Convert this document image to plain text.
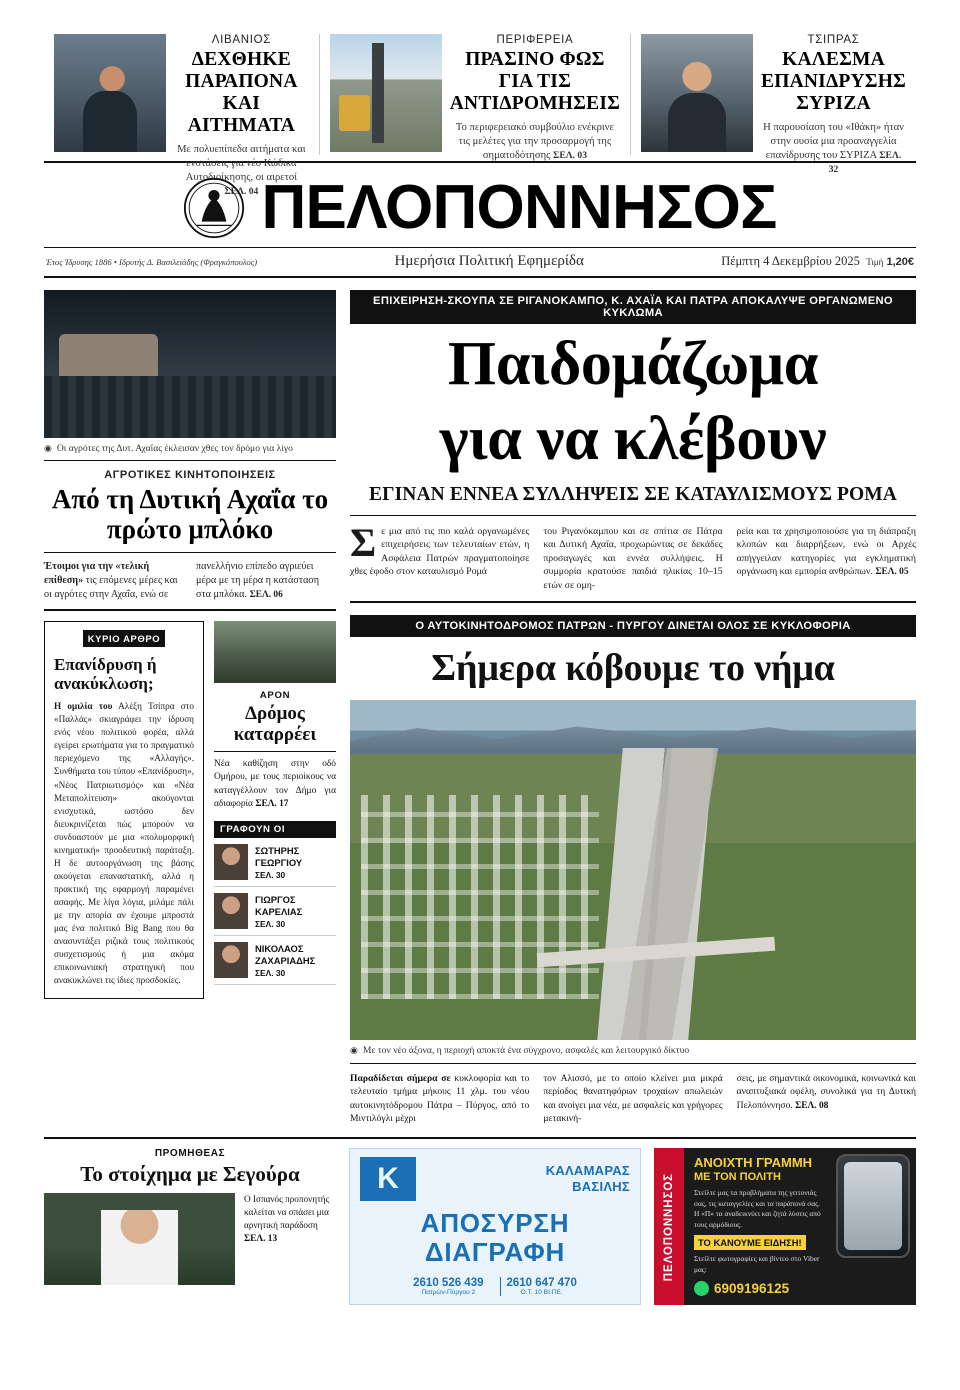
ΛΙΒΑΝΙΟΣ
ΔΕΧΘΗΚΕ ΠΑΡΑΠΟΝΑ ΚΑΙ ΑΙΤΗΜΑΤΑ
Με πολυεπίπεδα αιτήματα και ενστάσεις για νέο Κώδικα Αυτοδιοίκησης, οι αιρετοί ΣΕΛ. 04
ΠΕΡΙΦΕΡΕΙΑ
ΠΡΑΣΙΝΟ ΦΩΣ ΓΙΑ ΤΙΣ ΑΝΤΙΔΡΟΜΗΣΕΙΣ
Το περιφερειακό συμβούλιο ενέκρινε τις μελέτες για την προσαρμογή της σηματοδότησης ΣΕΛ. 03
ΤΣΙΠΡΑΣ
ΚΑΛΕΣΜΑ ΕΠΑΝΙΔΡΥΣΗΣ ΣΥΡΙΖΑ
Η παρουσίαση του «Ιθάκη» ήταν στην ουσία μια προαναγγελία επανίδρυσης του ΣΥΡΙΖΑ ΣΕΛ. 32
ΠΕΛΟΠΟΝΝΗΣΟΣ
Έτος Ίδρυσης 1886 • Ιδρυτής Δ. Βασιλειάδης (Φραγκόπουλος)	Ημερήσια Πολιτική Εφημερίδα	Πέμπτη 4 Δεκεμβρίου 2025 Τιμή 1,20€
◉ Οι αγρότες της Δυτ. Αχαΐας έκλεισαν χθες τον δρόμο για λίγο
ΑΓΡΟΤΙΚΕΣ ΚΙΝΗΤΟΠΟΙΗΣΕΙΣ
Από τη Δυτική Αχαΐα το πρώτο μπλόκο
Έτοιμοι για την «τελική επίθεση» τις επόμενες μέρες και οι αγρότες στην Αχαΐα, ενώ σε
πανελλήνιο επίπεδο αγριεύει μέρα με τη μέρα η κατάσταση στα μπλόκα. ΣΕΛ. 06
ΚΥΡΙΟ ΑΡΘΡΟ
Επανίδρυση ή ανακύκλωση;
Η ομιλία του Αλέξη Τσίπρα στο «Παλλάς» σκιαγράφει την ίδρυση ενός νέου πολιτικού φορέα, αλλά εγείρει ερωτήματα για το πραγματικό περιεχόμενο της «Αλλαγής». Συνθήματα του τύπου «Επανίδρυση», «Νέος Πατριωτισμός» και «Νέα Μεταπολίτευση» ακούγονται ενισχυτικά, ωστόσο δεν διευκρινίζεται πώς μπορούν να συνδυαστούν με μια «πολυμορφική κινηματική» προοδευτική παράταξη. Η δε αυτοοργάνωση της βάσης ακούγεται επαναστατική, αλλά η πρακτική της εφαρμογή παραμένει ασαφής. Με λίγα λόγια, μιλάμε πάλι με την απορία αν έχουμε μπροστά μας ένα πολιτικό Big Bang που θα ανασυντάξει ριζικά τους πολιτικούς συσχετισμούς ή μια ακόμα επικοινωνιακή στρατηγική που ανακυκλώνει τις ίδιες προσδοκίες.
ΑΡΟΝ
Δρόμος καταρρέει
Νέα καθίζηση στην οδό Ομήρου, με τους περιοίκους να καταγγέλλουν τον Δήμο για αδιαφορία ΣΕΛ. 17
ΓΡΑΦΟΥΝ ΟΙ
ΣΩΤΗΡΗΣ ΓΕΩΡΓΙΟΥ
ΣΕΛ. 30
ΓΙΩΡΓΟΣ ΚΑΡΕΛΙΑΣ
ΣΕΛ. 30
ΝΙΚΟΛΑΟΣ ΖΑΧΑΡΙΑΔΗΣ
ΣΕΛ. 30
ΕΠΙΧΕΙΡΗΣΗ-ΣΚΟΥΠΑ ΣΕ ΡΙΓΑΝΟΚΑΜΠΟ, Κ. ΑΧΑΪΑ ΚΑΙ ΠΑΤΡΑ ΑΠΟΚΑΛΥΨΕ ΟΡΓΑΝΩΜΕΝΟ ΚΥΚΛΩΜΑ
Παιδομάζωμα
για να κλέβουν
ΕΓΙΝΑΝ ΕΝΝΕΑ ΣΥΛΛΗΨΕΙΣ ΣΕ ΚΑΤΑΥΛΙΣΜΟΥΣ ΡΟΜΑ
Σε μια από τις πιο καλά οργανωμένες επιχειρήσεις των τελευταίων ετών, η Ασφάλεια Πατρών πραγματοποίησε χθες έφοδο στον καταυλισμό Ρομά
του Ριγανόκαμπου και σε σπίτια σε Πάτρα και Δυτική Αχαΐα, προχωρώντας σε δεκάδες προσαγωγές και εννέα συλλήψεις. Η συμμορία κρατούσε παιδιά ηλικίας 10–15 ετών σε ομη-
ρεία και τα χρησιμοποιούσε για τη διάπραξη κλοπών και διαρρήξεων, ενώ οι Αρχές απήγγειλαν κατηγορίες για εγκληματική οργάνωση και εμπορία ανθρώπων. ΣΕΛ. 05
Ο ΑΥΤΟΚΙΝΗΤΟΔΡΟΜΟΣ ΠΑΤΡΩΝ - ΠΥΡΓΟΥ ΔΙΝΕΤΑΙ ΟΛΟΣ ΣΕ ΚΥΚΛΟΦΟΡΙΑ
Σήμερα κόβουμε το νήμα
◉ Με τον νέο άξονα, η περιοχή αποκτά ένα σύγχρονο, ασφαλές και λειτουργικό δίκτυο
Παραδίδεται σήμερα σε κυκλοφορία και το τελευταίο τμήμα μήκους 11 χλμ. του νέου αυτοκινητόδρομου Πάτρα – Πύργος, από το Μιντιλόγλι μέχρι
τον Αλισσό, με το οποίο κλείνει μια μικρά περίοδος θανατηφόρων τροχαίων απωλειών και ανοίγει μια νέα, με ασφαλείς και γρήγορες μετακινή-
σεις, με σημαντικά οικονομικά, κοινωνικά και αναπτυξιακά οφέλη, συνολικά για τη Δυτική Πελοπόννησο. ΣΕΛ. 08
ΠΡΟΜΗΘΕΑΣ
Το στοίχημα με Σεγούρα
Ο Ισπανός προπονητής καλείται να σπάσει μια αρνητική παράδοση ΣΕΛ. 13
K
ΚΑΛΑΜΑΡΑΣ
ΒΑΣΙΛΗΣ
ΑΠΟΣΥΡΣΗ
ΔΙΑΓΡΑΦΗ
2610 526 439
Πατρών-Πύργου 2
2610 647 470
Ο.Τ. 10 ΒΙ.ΠΕ.
ΠΕΛΟΠΟΝΝΗΣΟΣ
ΑΝΟΙΧΤΗ ΓΡΑΜΜΗ
ΜΕ ΤΟΝ ΠΟΛΙΤΗ
Στείλτε μας τα προβλήματα της γειτονιάς σας, τις καταγγελίες και τα παράπονά σας. Η «Π» τα αναδεικνύει και ζητά λύσεις από τους αρμόδιους.
ΤΟ ΚΑΝΟΥΜΕ ΕΙΔΗΣΗ!
Στείλτε φωτογραφίες και βίντεο στο Viber μας:
6909196125
